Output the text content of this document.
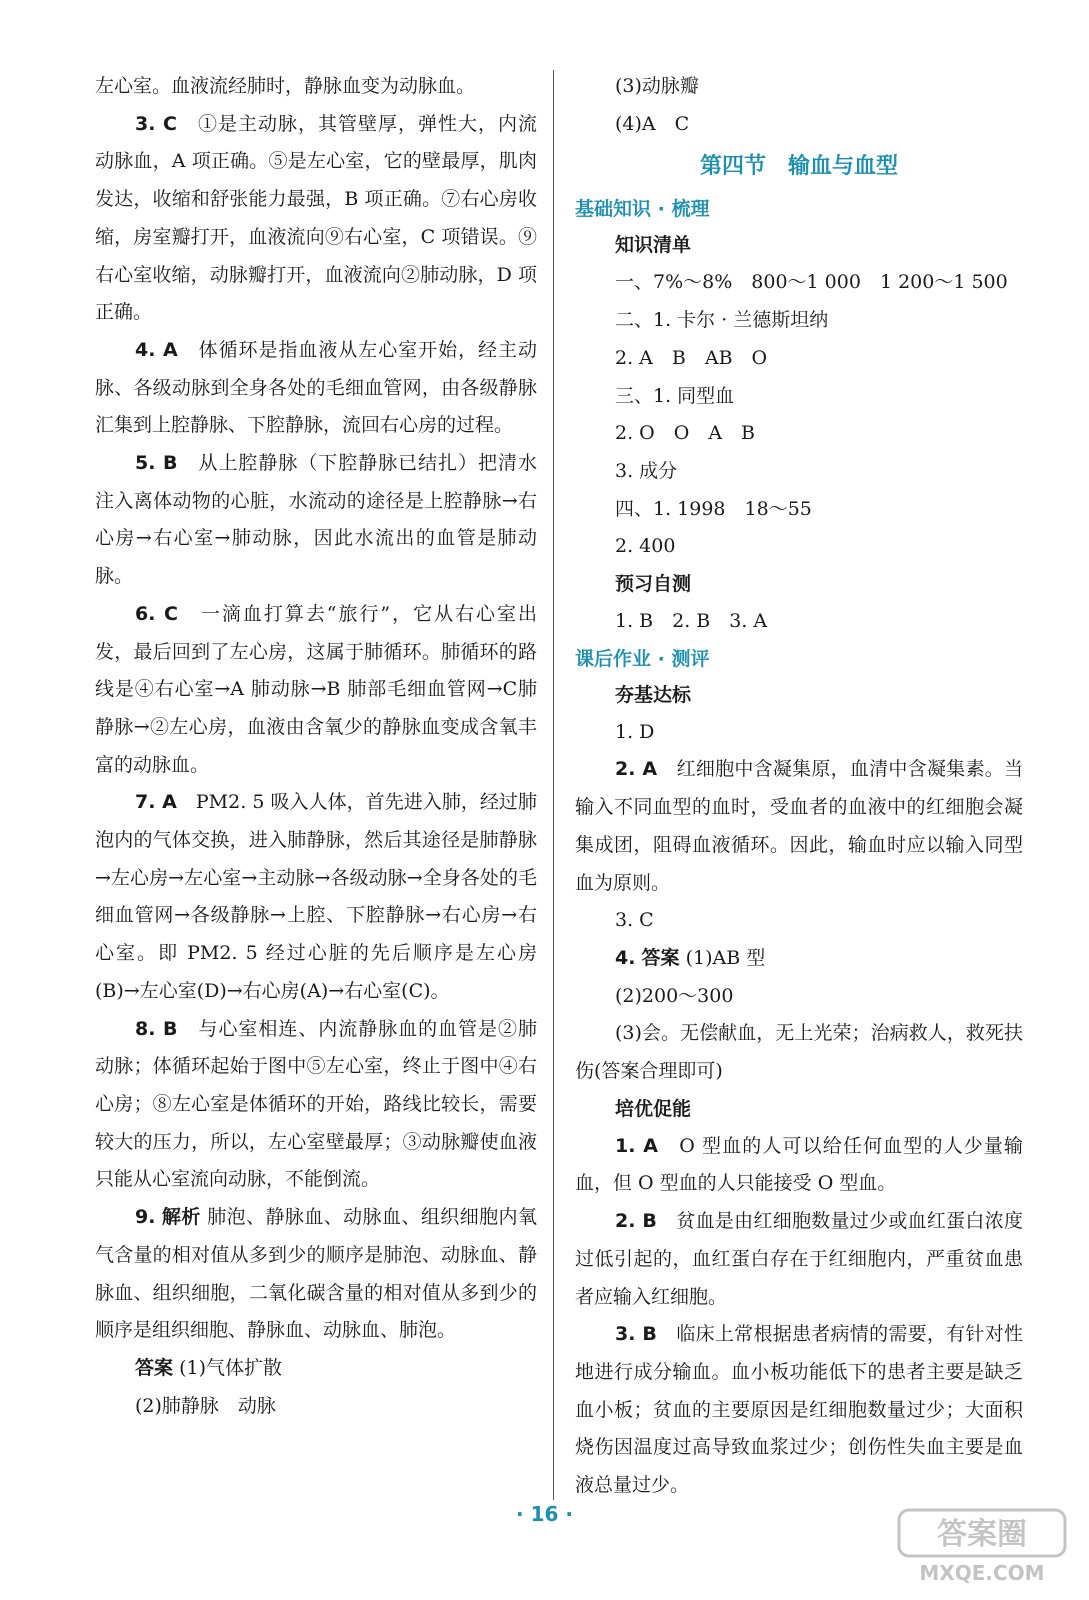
左心室。血液流经肺时，静脉血变为动脉血。

3. C　 ①是主动脉，其管壁厚，弹性大，内流动脉血，A 项正确。⑤是左心室，它的壁最厚，肌肉发达，收缩和舒张能力最强，B 项正确。⑦右心房收缩，房室瓣打开，血液流向⑨右心室，C 项错误。⑨右心室收缩，动脉瓣打开，血液流向②肺动脉，D 项正确。

4. A　 体循环是指血液从左心室开始，经主动脉、各级动脉到全身各处的毛细血管网，由各级静脉汇集到上腔静脉、下腔静脉，流回右心房的过程。

5. B　 从上腔静脉（下腔静脉已结扎）把清水注入离体动物的心脏，水流动的途径是上腔静脉→右心房→右心室→肺动脉，因此水流出的血管是肺动脉。

6. C　 一滴血打算去“旅行”，它从右心室出发，最后回到了左心房，这属于肺循环。肺循环的路线是④右心室→A 肺动脉→B 肺部毛细血管网→C肺静脉→②左心房，血液由含氧少的静脉血变成含氧丰富的动脉血。

7. A　 PM2. 5 吸入人体，首先进入肺，经过肺泡内的气体交换，进入肺静脉，然后其途径是肺静脉→左心房→左心室→主动脉→各级动脉→全身各处的毛细血管网→各级静脉→上腔、下腔静脉→右心房→右心室。即 PM2. 5 经过心脏的先后顺序是左心房(B)→左心室(D)→右心房(A)→右心室(C)。

8. B　 与心室相连、内流静脉血的血管是②肺动脉；体循环起始于图中⑤左心室，终止于图中④右心房；⑧左心室是体循环的开始，路线比较长，需要较大的压力，所以，左心室壁最厚；③动脉瓣使血液只能从心室流向动脉，不能倒流。

9. 解析 肺泡、静脉血、动脉血、组织细胞内氧气含量的相对值从多到少的顺序是肺泡、动脉血、静脉血、组织细胞，二氧化碳含量的相对值从多到少的顺序是组织细胞、静脉血、动脉血、肺泡。

答案 (1)气体扩散

(2)肺静脉　动脉

(3)动脉瓣

(4)A　C

第四节　输血与血型

基础知识 · 梳理

知识清单

一、7%～8%　800～1 000　1 200～1 500

二、1. 卡尔 · 兰德斯坦纳

2. A　B　AB　O

三、1. 同型血

2. O　O　A　B

3. 成分

四、1. 1998　18～55

2. 400

预习自测

1. B　2. B　3. A

课后作业 · 测评

夯基达标

1. D

2. A　 红细胞中含凝集原，血清中含凝集素。当输入不同血型的血时，受血者的血液中的红细胞会凝集成团，阻碍血液循环。因此，输血时应以输入同型血为原则。

3. C

4. 答案 (1)AB 型

(2)200～300

(3)会。无偿献血，无上光荣；治病救人，救死扶伤(答案合理即可)

培优促能

1. A　 O 型血的人可以给任何血型的人少量输血，但 O 型血的人只能接受 O 型血。

2. B　 贫血是由红细胞数量过少或血红蛋白浓度过低引起的，血红蛋白存在于红细胞内，严重贫血患者应输入红细胞。

3. B　 临床上常根据患者病情的需要，有针对性地进行成分输血。血小板功能低下的患者主要是缺乏血小板；贫血的主要原因是红细胞数量过少；大面积烧伤因温度过高导致血浆过少；创伤性失血主要是血液总量过少。

· 16 ·
答案圈
MXQE.COM
